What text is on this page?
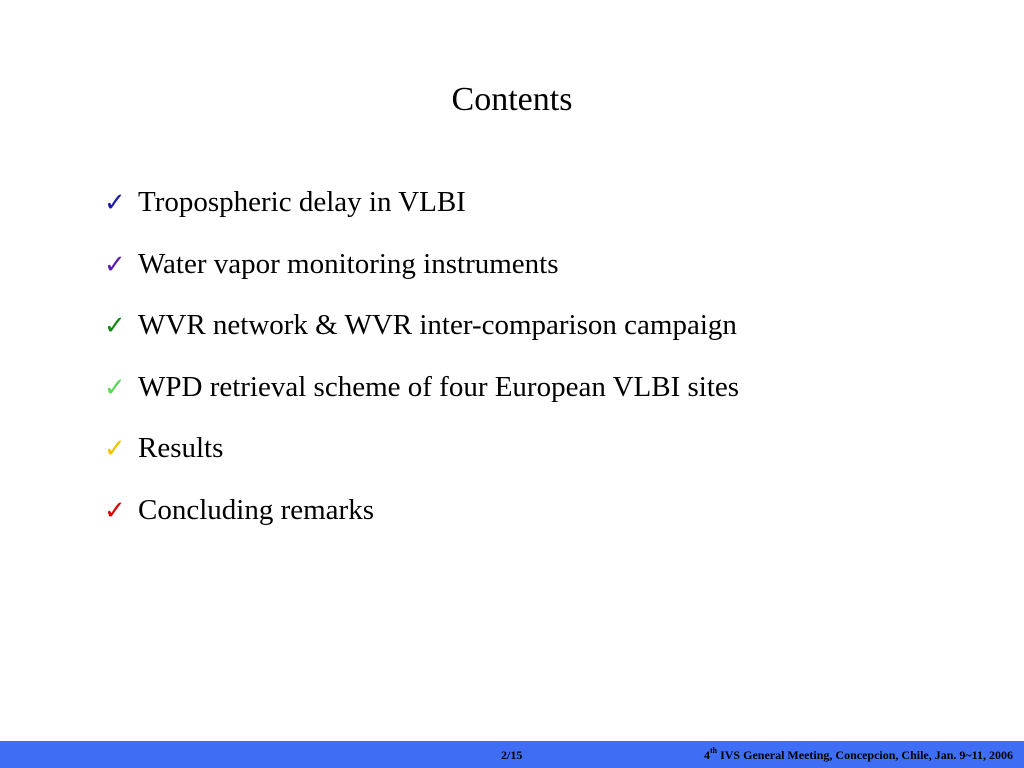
Contents
✓ Tropospheric delay in VLBI
✓ Water vapor monitoring instruments
✓ WVR network & WVR inter-comparison campaign
✓ WPD retrieval scheme of four European VLBI sites
✓ Results
✓ Concluding remarks
2/15	4th IVS General Meeting, Concepcion, Chile, Jan. 9~11, 2006
